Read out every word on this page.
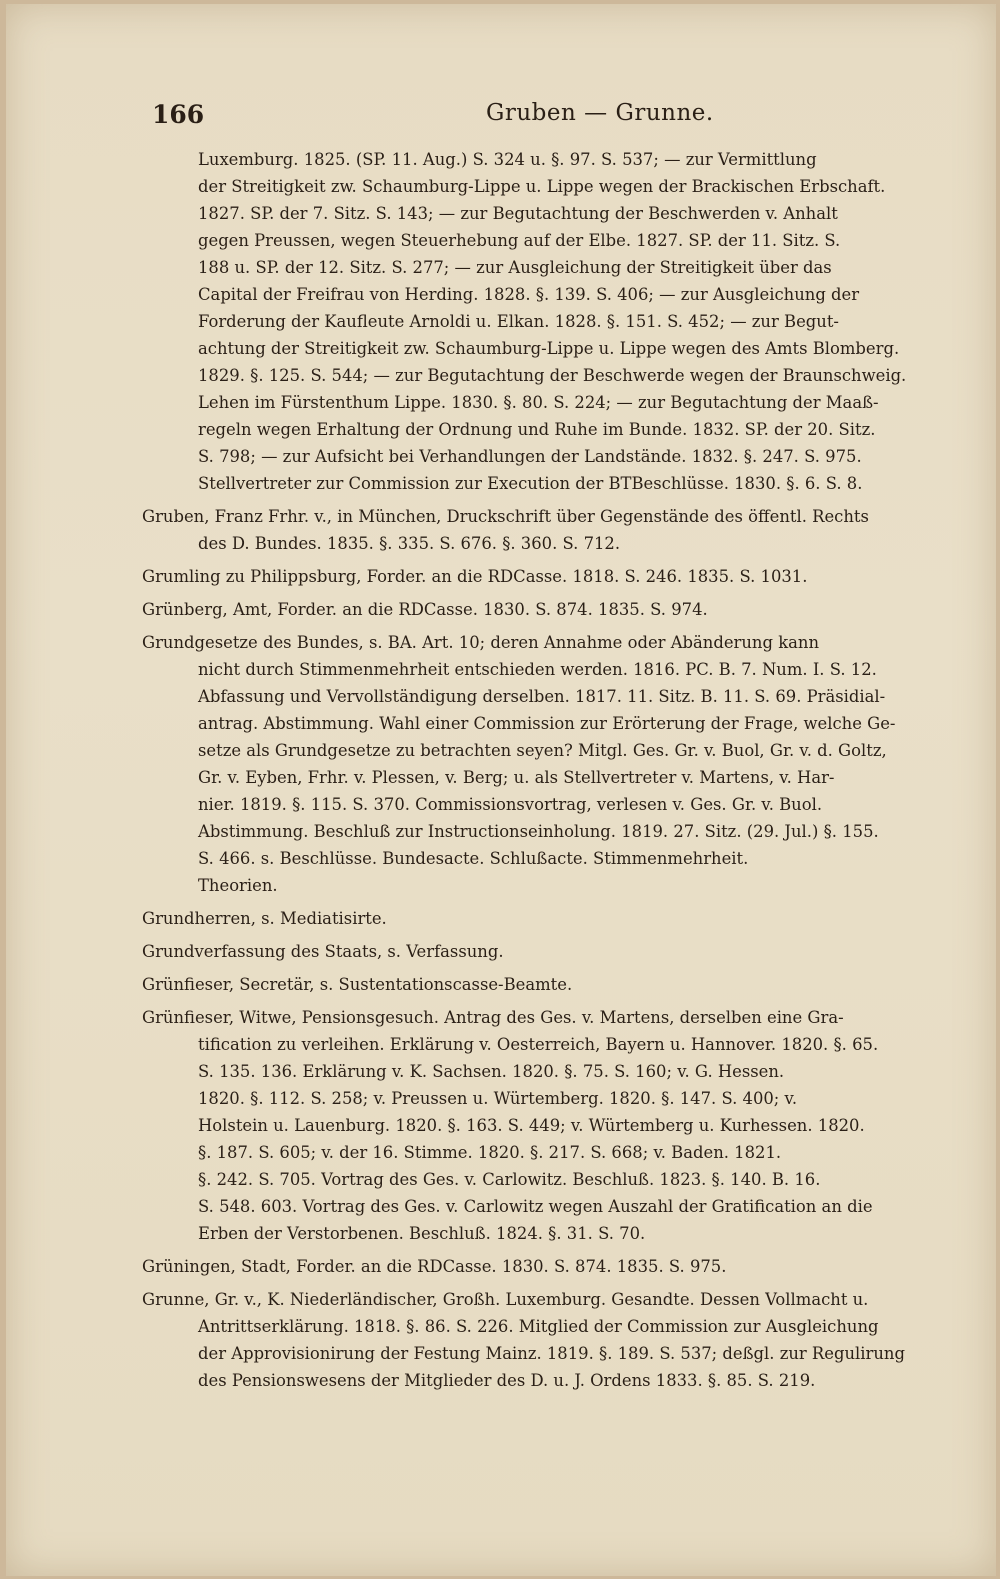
166	Gruben — Grunne.
Luxemburg. 1825. (SP. 11. Aug.) S. 324 u. §. 97. S. 537; — zur Vermittlung
der Streitigkeit zw. Schaumburg-Lippe u. Lippe wegen der Brackischen Erbschaft.
1827. SP. der 7. Sitz. S. 143; — zur Begutachtung der Beschwerden v. Anhalt
gegen Preussen, wegen Steuerhebung auf der Elbe. 1827. SP. der 11. Sitz. S.
188 u. SP. der 12. Sitz. S. 277; — zur Ausgleichung der Streitigkeit über das
Capital der Freifrau von Herding. 1828. §. 139. S. 406; — zur Ausgleichung der
Forderung der Kaufleute Arnoldi u. Elkan. 1828. §. 151. S. 452; — zur Begut-
achtung der Streitigkeit zw. Schaumburg-Lippe u. Lippe wegen des Amts Blomberg.
1829. §. 125. S. 544; — zur Begutachtung der Beschwerde wegen der Braunschweig.
Lehen im Fürstenthum Lippe. 1830. §. 80. S. 224; — zur Begutachtung der Maaß-
regeln wegen Erhaltung der Ordnung und Ruhe im Bunde. 1832. SP. der 20. Sitz.
S. 798; — zur Aufsicht bei Verhandlungen der Landstände. 1832. §. 247. S. 975.
Stellvertreter zur Commission zur Execution der BTBeschlüsse. 1830. §. 6. S. 8.
Gruben, Franz Frhr. v., in München, Druckschrift über Gegenstände des öffentl. Rechts
des D. Bundes. 1835. §. 335. S. 676. §. 360. S. 712.
Grumling zu Philippsburg, Forder. an die RDCasse. 1818. S. 246. 1835. S. 1031.
Grünberg, Amt, Forder. an die RDCasse. 1830. S. 874. 1835. S. 974.
Grundgesetze des Bundes, s. BA. Art. 10; deren Annahme oder Abänderung kann
nicht durch Stimmenmehrheit entschieden werden. 1816. PC. B. 7. Num. I. S. 12.
Abfassung und Vervollständigung derselben. 1817. 11. Sitz. B. 11. S. 69. Präsidial-
antrag. Abstimmung. Wahl einer Commission zur Erörterung der Frage, welche Ge-
setze als Grundgesetze zu betrachten seyen? Mitgl. Ges. Gr. v. Buol, Gr. v. d. Goltz,
Gr. v. Eyben, Frhr. v. Plessen, v. Berg; u. als Stellvertreter v. Martens, v. Har-
nier. 1819. §. 115. S. 370. Commissionsvortrag, verlesen v. Ges. Gr. v. Buol.
Abstimmung. Beschluß zur Instructionseinholung. 1819. 27. Sitz. (29. Jul.) §. 155.
S. 466. s. Beschlüsse. Bundesacte. Schlußacte. Stimmenmehrheit.
Theorien.
Grundherren, s. Mediatisirte.
Grundverfassung des Staats, s. Verfassung.
Grünfieser, Secretär, s. Sustentationscasse-Beamte.
Grünfieser, Witwe, Pensionsgesuch. Antrag des Ges. v. Martens, derselben eine Gra-
tification zu verleihen. Erklärung v. Oesterreich, Bayern u. Hannover. 1820. §. 65.
S. 135. 136. Erklärung v. K. Sachsen. 1820. §. 75. S. 160; v. G. Hessen.
1820. §. 112. S. 258; v. Preussen u. Würtemberg. 1820. §. 147. S. 400; v.
Holstein u. Lauenburg. 1820. §. 163. S. 449; v. Würtemberg u. Kurhessen. 1820.
§. 187. S. 605; v. der 16. Stimme. 1820. §. 217. S. 668; v. Baden. 1821.
§. 242. S. 705. Vortrag des Ges. v. Carlowitz. Beschluß. 1823. §. 140. B. 16.
S. 548. 603. Vortrag des Ges. v. Carlowitz wegen Auszahl der Gratification an die
Erben der Verstorbenen. Beschluß. 1824. §. 31. S. 70.
Grüningen, Stadt, Forder. an die RDCasse. 1830. S. 874. 1835. S. 975.
Grunne, Gr. v., K. Niederländischer, Großh. Luxemburg. Gesandte. Dessen Vollmacht u.
Antrittserklärung. 1818. §. 86. S. 226. Mitglied der Commission zur Ausgleichung
der Approvisionirung der Festung Mainz. 1819. §. 189. S. 537; deßgl. zur Regulirung
des Pensionswesens der Mitglieder des D. u. J. Ordens 1833. §. 85. S. 219.
